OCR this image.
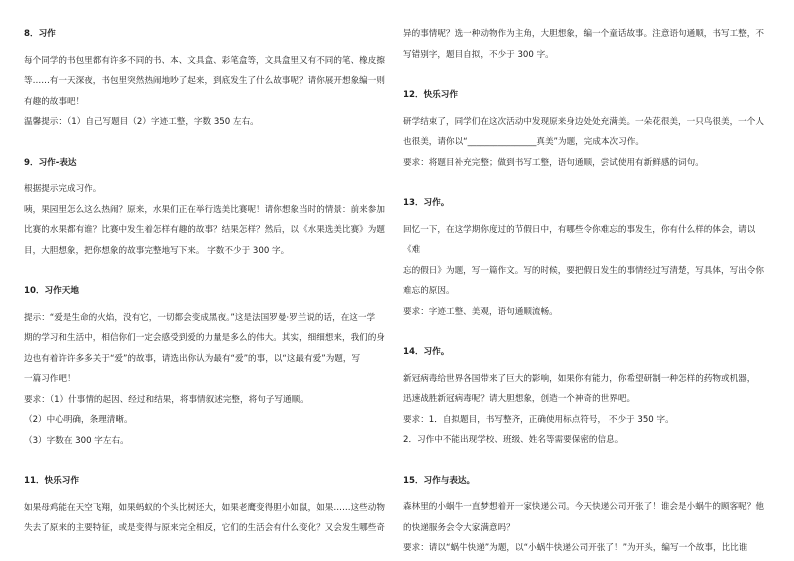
8．习作

每个同学的书包里都有许多不同的书、本、文具盒、彩笔盒等，文具盒里又有不同的笔、橡皮擦

等……有一天深夜，书包里突然热闹地吵了起来，到底发生了什么故事呢？请你展开想象编一则

有趣的故事吧！

温馨提示：（1）自己写题目（2）字迹工整，字数 350 左右。

9．习作-表达

根据提示完成习作。

咦，果园里怎么这么热闹？原来，水果们正在举行选美比赛呢！请你想象当时的情景：前来参加

比赛的水果都有谁？比赛中发生着怎样有趣的故事？结果怎样？然后，以《水果选美比赛》为题

目，大胆想象，把你想象的故事完整地写下来。 字数不少于 300 字。

10．习作天地

提示：“爱是生命的火焰，没有它，一切都会变成黑夜。”这是法国罗曼·罗兰说的话，在这一学

期的学习和生活中，相信你们一定会感受到爱的力量是多么的伟大。其实，细细想来，我们的身

边也有着许许多多关于“爱”的故事，请选出你认为最有“爱”的事，以“这最有爱”为题，写

一篇习作吧！

要求：（1）什事情的起因、经过和结果，将事情叙述完整，将句子写通顺。

（2）中心明确，条理清晰。

（3）字数在 300 字左右。

11．快乐习作

如果母鸡能在天空飞翔，如果蚂蚁的个头比树还大，如果老鹰变得胆小如鼠，如果……这些动物

失去了原来的主要特征，或是变得与原来完全相反，它们的生活会有什么变化？又会发生哪些奇

异的事情呢？选一种动物作为主角，大胆想象，编一个童话故事。注意语句通顺，书写工整，不

写错别字，题目自拟，不少于 300 字。

12．快乐习作

研学结束了，同学们在这次活动中发现原来身边处处充满美。一朵花很美，一只鸟很美，一个人

也很美，请你以“________________真美”为题，完成本次习作。

要求：将题目补充完整；做到书写工整，语句通顺，尝试使用有新鲜感的词句。

13．习作。

回忆一下，在这学期你度过的节假日中，有哪些令你难忘的事发生，你有什么样的体会，请以《难

忘的假日》为题，写一篇作文。写的时候，要把假日发生的事情经过写清楚，写具体，写出令你

难忘的原因。

要求：字迹工整、美观，语句通顺流畅。

14．习作。

新冠病毒给世界各国带来了巨大的影响，如果你有能力，你希望研制一种怎样的药物或机器，

迅速战胜新冠病毒呢？请大胆想象，创造一个神奇的世界吧。

要求：1．自拟题目，书写整齐，正确使用标点符号， 不少于 350 字。

2．习作中不能出现学校、班级、姓名等需要保密的信息。

15．习作与表达。

森林里的小蜗牛一直梦想着开一家快递公司。今天快递公司开张了！谁会是小蜗牛的顾客呢？他

的快递服务会令大家满意吗？

要求：请以“蜗牛快递”为题，以“小蜗牛快递公司开张了！”为开头，编写一个故事，比比谁
